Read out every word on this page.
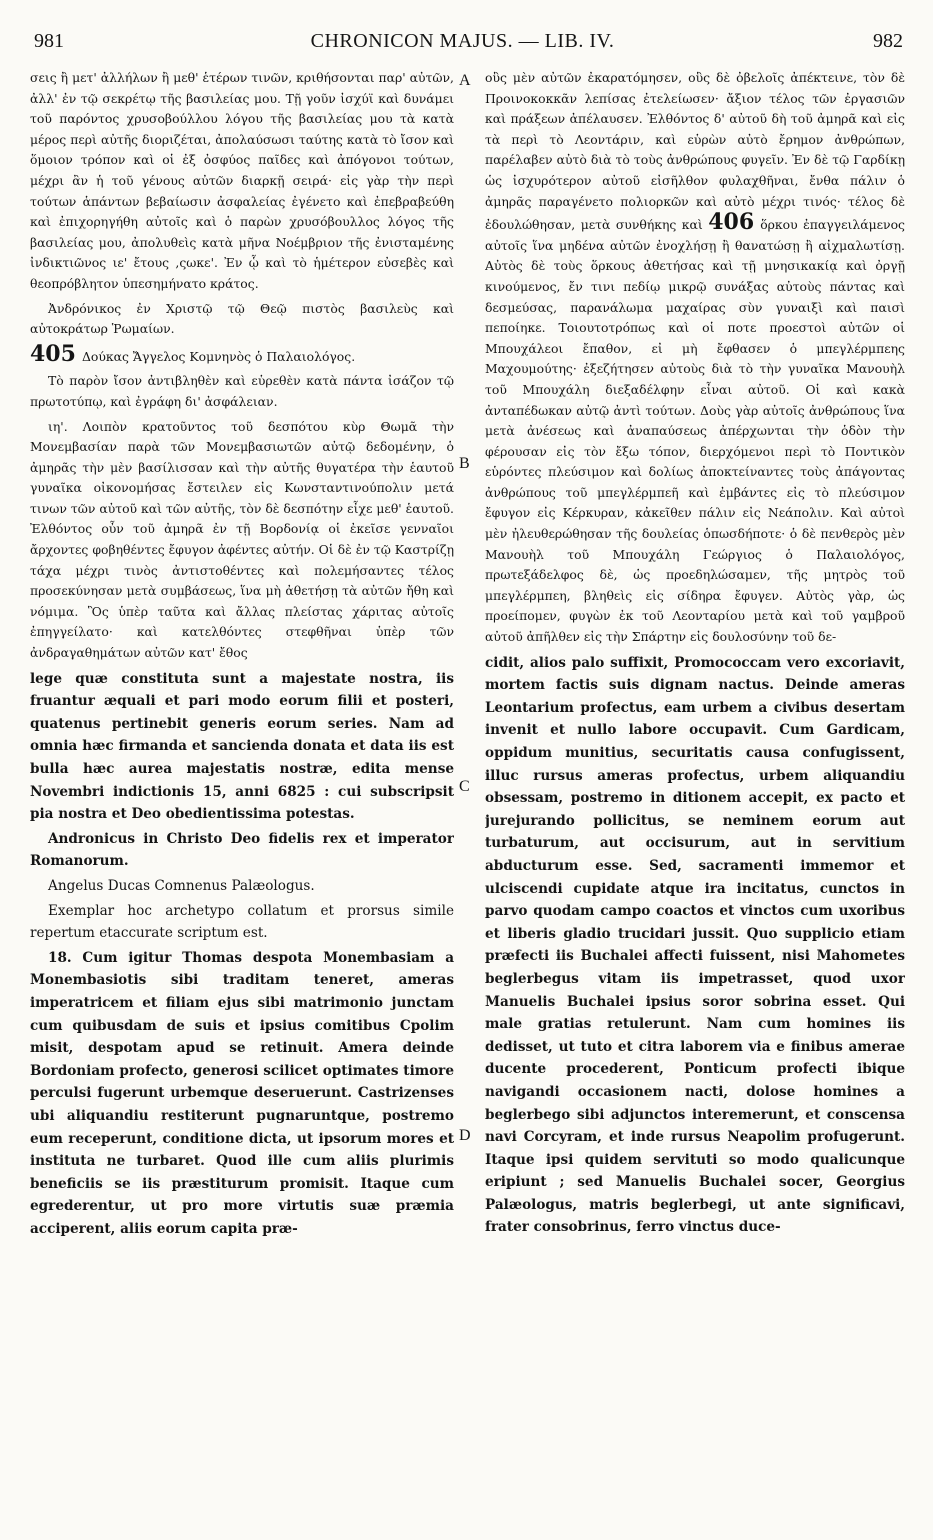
981	CHRONICON MAJUS. — LIB. IV.	982
A
B
C
D

σεις ἢ μετ' ἀλλήλων ἢ μεθ' ἑτέρων τινῶν, κριθήσονται παρ' αὐτῶν, ἀλλ' ἐν τῷ σεκρέτῳ τῆς βασιλείας μου. Τῇ γοῦν ἰσχύϊ καὶ δυνάμει τοῦ παρόντος χρυσοβούλλου λόγου τῆς βασιλείας μου τὰ κατὰ μέρος περὶ αὐτῆς διοριζέται, ἀπολαύσωσι ταύτης κατὰ τὸ ἴσον καὶ ὅμοιον τρόπον καὶ οἱ ἐξ ὀσφύος παῖδες καὶ ἀπόγονοι τούτων, μέχρι ἂν ἡ τοῦ γένους αὐτῶν διαρκῇ σειρά· εἰς γὰρ τὴν περὶ τούτων ἁπάντων βεβαίωσιν ἀσφαλείας ἐγένετο καὶ ἐπεβραβεύθη καὶ ἐπιχορηγήθη αὐτοῖς καὶ ὁ παρὼν χρυσόβουλλος λόγος τῆς βασιλείας μου, ἀπολυθεὶς κατὰ μῆνα Νοέμβριον τῆς ἐνισταμένης ἰνδικτιῶνος ιε' ἔτους ,ςωκε'. Ἐν ᾧ καὶ τὸ ἡμέτερον εὐσεβὲς καὶ θεοπρόβλητον ὑπεσημήνατο κράτος.

Ἀνδρόνικος ἐν Χριστῷ τῷ Θεῷ πιστὸς βασιλεὺς καὶ αὐτοκράτωρ Ῥωμαίων.

405 Δούκας Ἄγγελος Κομνηνὸς ὁ Παλαιολόγος.

Τὸ παρὸν ἴσον ἀντιβληθὲν καὶ εὑρεθὲν κατὰ πάντα ἰσάζον τῷ πρωτοτύπῳ, καὶ ἐγράφη δι' ἀσφάλειαν.

ιη'. Λοιπὸν κρατοῦντος τοῦ δεσπότου κὺρ Θωμᾶ τὴν Μονεμβασίαν παρὰ τῶν Μονεμβασιωτῶν αὐτῷ δεδομένην, ὁ ἀμηρᾶς τὴν μὲν βασίλισσαν καὶ τὴν αὐτῆς θυγατέρα τὴν ἑαυτοῦ γυναῖκα οἰκονομήσας ἔστειλεν εἰς Κωνσταντινούπολιν μετά τινων τῶν αὐτοῦ καὶ τῶν αὐτῆς, τὸν δὲ δεσπότην εἶχε μεθ' ἑαυτοῦ. Ἐλθόντος οὖν τοῦ ἀμηρᾶ ἐν τῇ Βορδονίᾳ οἱ ἐκεῖσε γενναῖοι ἄρχοντες φοβηθέντες ἔφυγον ἀφέντες αὐτήν. Οἱ δὲ ἐν τῷ Καστρίζῃ τάχα μέχρι τινὸς ἀντιστοθέντες καὶ πολεμήσαντες τέλος προσεκύνησαν μετὰ συμβάσεως, ἵνα μὴ ἀθετήσῃ τὰ αὐτῶν ἤθη καὶ νόμιμα. Ὃς ὑπὲρ ταῦτα καὶ ἄλλας πλείστας χάριτας αὐτοῖς ἐπηγγείλατο· καὶ κατελθόντες στεφθῆναι ὑπὲρ τῶν ἀνδραγαθημάτων αὐτῶν κατ' ἔθος

lege quæ constituta sunt a majestate nostra, iis fruantur æquali et pari modo eorum filii et posteri, quatenus pertinebit generis eorum series. Nam ad omnia hæc firmanda et sancienda donata et data iis est bulla hæc aurea majestatis nostræ, edita mense Novembri indictionis 15, anni 6825 : cui subscripsit pia nostra et Deo obedientissima potestas.

Andronicus in Christo Deo fidelis rex et imperator Romanorum.

Angelus Ducas Comnenus Palæologus.

Exemplar hoc archetypo collatum et prorsus simile repertum etaccurate scriptum est.

18. Cum igitur Thomas despota Monembasiam a Monembasiotis sibi traditam teneret, ameras imperatricem et filiam ejus sibi matrimonio junctam cum quibusdam de suis et ipsius comitibus Cpolim misit, despotam apud se retinuit. Amera deinde Bordoniam profecto, generosi scilicet optimates timore perculsi fugerunt urbemque deseruerunt. Castrizenses ubi aliquandiu restiterunt pugnaruntque, postremo eum receperunt, conditione dicta, ut ipsorum mores et instituta ne turbaret. Quod ille cum aliis plurimis beneficiis se iis præstiturum promisit. Itaque cum egrederentur, ut pro more virtutis suæ præmia acciperent, aliis eorum capita præ-

οὓς μὲν αὐτῶν ἐκαρατόμησεν, οὓς δὲ ὀβελοῖς ἀπέκτεινε, τὸν δὲ Προινοκοκκᾶν λεπίσας ἐτελείωσεν· ἄξιον τέλος τῶν ἐργασιῶν καὶ πράξεων ἀπέλαυσεν. Ἐλθόντος δ' αὐτοῦ δὴ τοῦ ἀμηρᾶ καὶ εἰς τὰ περὶ τὸ Λεοντάριν, καὶ εὑρὼν αὐτὸ ἔρημον ἀνθρώπων, παρέλαβεν αὐτὸ διὰ τὸ τοὺς ἀνθρώπους φυγεῖν. Ἐν δὲ τῷ Γαρδίκῃ ὡς ἰσχυρότερον αὐτοῦ εἰσῆλθον φυλαχθῆναι, ἔνθα πάλιν ὁ ἀμηρᾶς παραγένετο πολιορκῶν καὶ αὐτὸ μέχρι τινός· τέλος δὲ ἐδουλώθησαν, μετὰ συνθήκης καὶ 406 ὅρκου ἐπαγγειλάμενος αὐτοῖς ἵνα μηδένα αὐτῶν ἐνοχλήσῃ ἢ θανατώσῃ ἢ αἰχμαλωτίσῃ. Αὐτὸς δὲ τοὺς ὅρκους ἀθετήσας καὶ τῇ μνησικακίᾳ καὶ ὀργῇ κινούμενος, ἔν τινι πεδίῳ μικρῷ συνάξας αὐτοὺς πάντας καὶ δεσμεύσας, παρανάλωμα μαχαίρας σὺν γυναιξὶ καὶ παισὶ πεποίηκε. Τοιουτοτρόπως καὶ οἱ ποτε προεστοὶ αὐτῶν οἱ Μπουχάλεοι ἔπαθον, εἰ μὴ ἔφθασεν ὁ μπεγλέρμπεης Μαχουμούτης· ἐξεζήτησεν αὐτοὺς διὰ τὸ τὴν γυναῖκα Μανουὴλ τοῦ Μπουχάλη διεξαδέλφην εἶναι αὐτοῦ. Οἱ καὶ κακὰ ἀνταπέδωκαν αὐτῷ ἀντὶ τούτων. Δοὺς γὰρ αὐτοῖς ἀνθρώπους ἵνα μετὰ ἀνέσεως καὶ ἀναπαύσεως ἀπέρχωνται τὴν ὁδὸν τὴν φέρουσαν εἰς τὸν ἔξω τόπον, διερχόμενοι περὶ τὸ Ποντικὸν εὑρόντες πλεύσιμον καὶ δολίως ἀποκτείναντες τοὺς ἀπάγοντας ἀνθρώπους τοῦ μπεγλέρμπεῆ καὶ ἐμβάντες εἰς τὸ πλεύσιμον ἔφυγον εἰς Κέρκυραν, κἀκεῖθεν πάλιν εἰς Νεάπολιν. Καὶ αὐτοὶ μὲν ἠλευθερώθησαν τῆς δουλείας ὁπωσδήποτε· ὁ δὲ πενθερὸς μὲν Μανουὴλ τοῦ Μπουχάλη Γεώργιος ὁ Παλαιολόγος, πρωτεξάδελφος δὲ, ὡς προεδηλώσαμεν, τῆς μητρὸς τοῦ μπεγλέρμπεη, βληθεὶς εἰς σίδηρα ἔφυγεν. Αὐτὸς γὰρ, ὡς προείπομεν, φυγὼν ἐκ τοῦ Λεονταρίου μετὰ καὶ τοῦ γαμβροῦ αὐτοῦ ἀπῆλθεν εἰς τὴν Σπάρτην εἰς δουλοσύνην τοῦ δε-

cidit, alios palo suffixit, Promococcam vero excoriavit, mortem factis suis dignam nactus. Deinde ameras Leontarium profectus, eam urbem a civibus desertam invenit et nullo labore occupavit. Cum Gardicam, oppidum munitius, securitatis causa confugissent, illuc rursus ameras profectus, urbem aliquandiu obsessam, postremo in ditionem accepit, ex pacto et jurejurando pollicitus, se neminem eorum aut turbaturum, aut occisurum, aut in servitium abducturum esse. Sed, sacramenti immemor et ulciscendi cupidate atque ira incitatus, cunctos in parvo quodam campo coactos et vinctos cum uxoribus et liberis gladio trucidari jussit. Quo supplicio etiam præfecti iis Buchalei affecti fuissent, nisi Mahometes beglerbegus vitam iis impetrasset, quod uxor Manuelis Buchalei ipsius soror sobrina esset. Qui male gratias retulerunt. Nam cum homines iis dedisset, ut tuto et citra laborem via e finibus amerae ducente procederent, Ponticum profecti ibique navigandi occasionem nacti, dolose homines a beglerbego sibi adjunctos interemerunt, et conscensa navi Corcyram, et inde rursus Neapolim profugerunt. Itaque ipsi quidem servituti so modo qualicunque eripiunt ; sed Manuelis Buchalei socer, Georgius Palæologus, matris beglerbegi, ut ante significavi, frater consobrinus, ferro vinctus duce-
